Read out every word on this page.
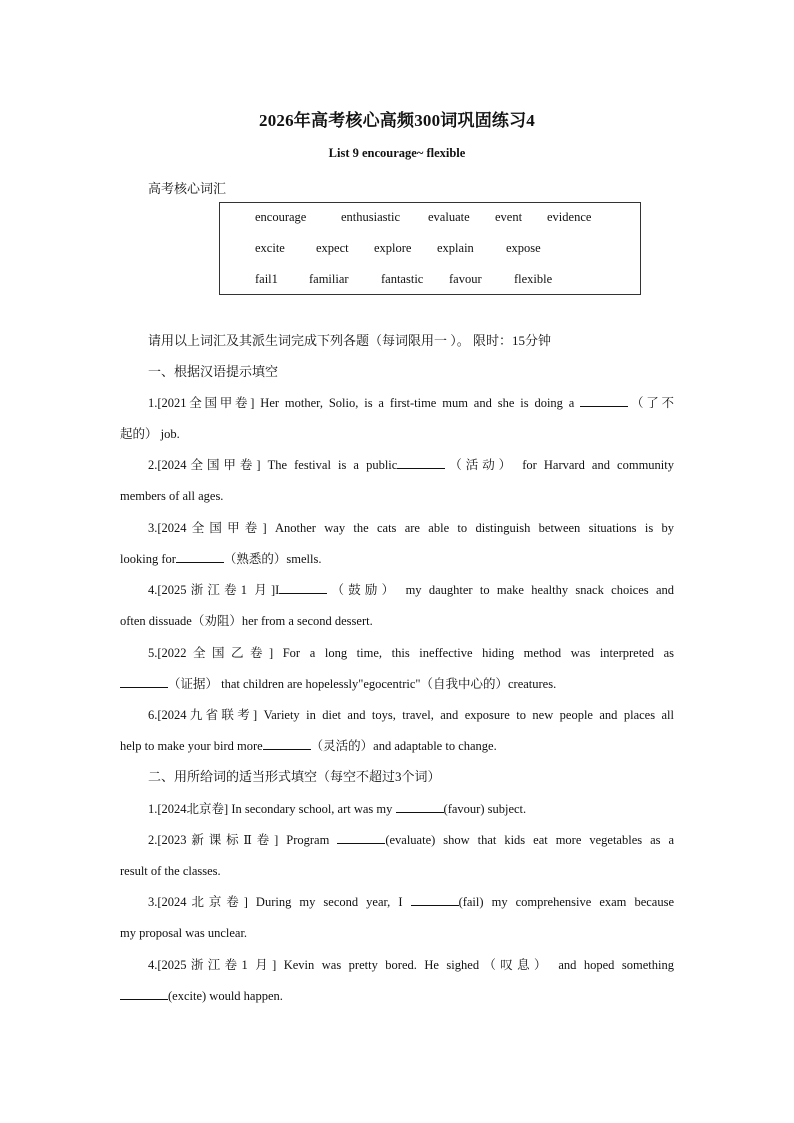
2026年高考核心高频300词巩固练习4
List 9 encourage~ flexible
高考核心词汇
encourage	enthusiastic evaluate event evidence
excite expect explore explain	expose
fail1 familiar	fantastic favour	flexible
请用以上词汇及其派生词完成下列各题（每词限用一 ）。 限时：15分钟
一、根据汉语提示填空
1.[2021全国甲卷] Her mother, Solio, is a first-time mum and she is doing a	（了不
起的） job.
2.[2024全国甲卷] The festival is a public	（活动） for Harvard and community
members of all ages.
3.[2024全国甲卷] Another way the cats are able to distinguish between situations is by
looking for	（熟悉的）smells.
4.[2025浙江卷1 月]I	（鼓励） my daughter to make healthy snack choices and
often dissuade（劝阻）her from a second dessert.
5.[2022全国乙卷] For a long time, this ineffective hiding method was interpreted as
（证据） that children are hopelessly"egocentric"（自我中心的）creatures.
6.[2024九省联考] Variety in diet and toys, travel, and exposure to new people and places all
help to make your bird more	（灵活的）and adaptable to change.
二、用所给词的适当形式填空（每空不超过3个词）
1.[2024北京卷] In secondary school, art was my	(favour) subject.
2.[2023新课标Ⅱ卷] Program	(evaluate) show that kids eat more vegetables as a
result of the classes.
3.[2024北京卷] During my second year, I	(fail) my comprehensive exam because
my proposal was unclear.
4.[2025浙江卷1 月] Kevin was pretty bored. He sighed（叹息） and hoped something
(excite) would happen.
